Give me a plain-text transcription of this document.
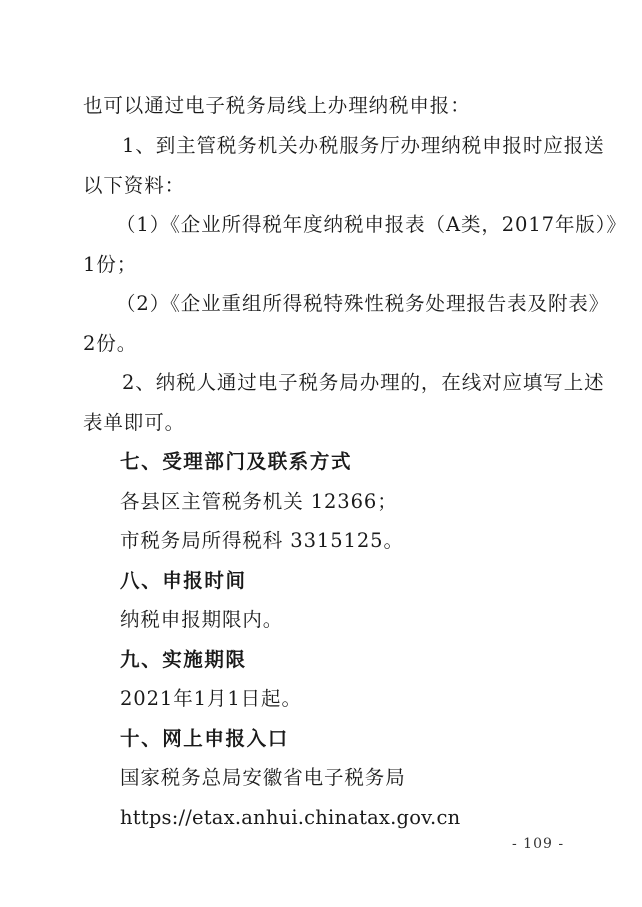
也可以通过电子税务局线上办理纳税申报：
1、到主管税务机关办税服务厅办理纳税申报时应报送
以下资料：
（1）《企业所得税年度纳税申报表（A类，2017年版）》
1份；
（2）《企业重组所得税特殊性税务处理报告表及附表》
2份。
2、纳税人通过电子税务局办理的，在线对应填写上述
表单即可。
七、受理部门及联系方式
各县区主管税务机关 12366；
市税务局所得税科 3315125。
八、申报时间
纳税申报期限内。
九、实施期限
2021年1月1日起。
十、网上申报入口
国家税务总局安徽省电子税务局
https://etax.anhui.chinatax.gov.cn
- 109 -
